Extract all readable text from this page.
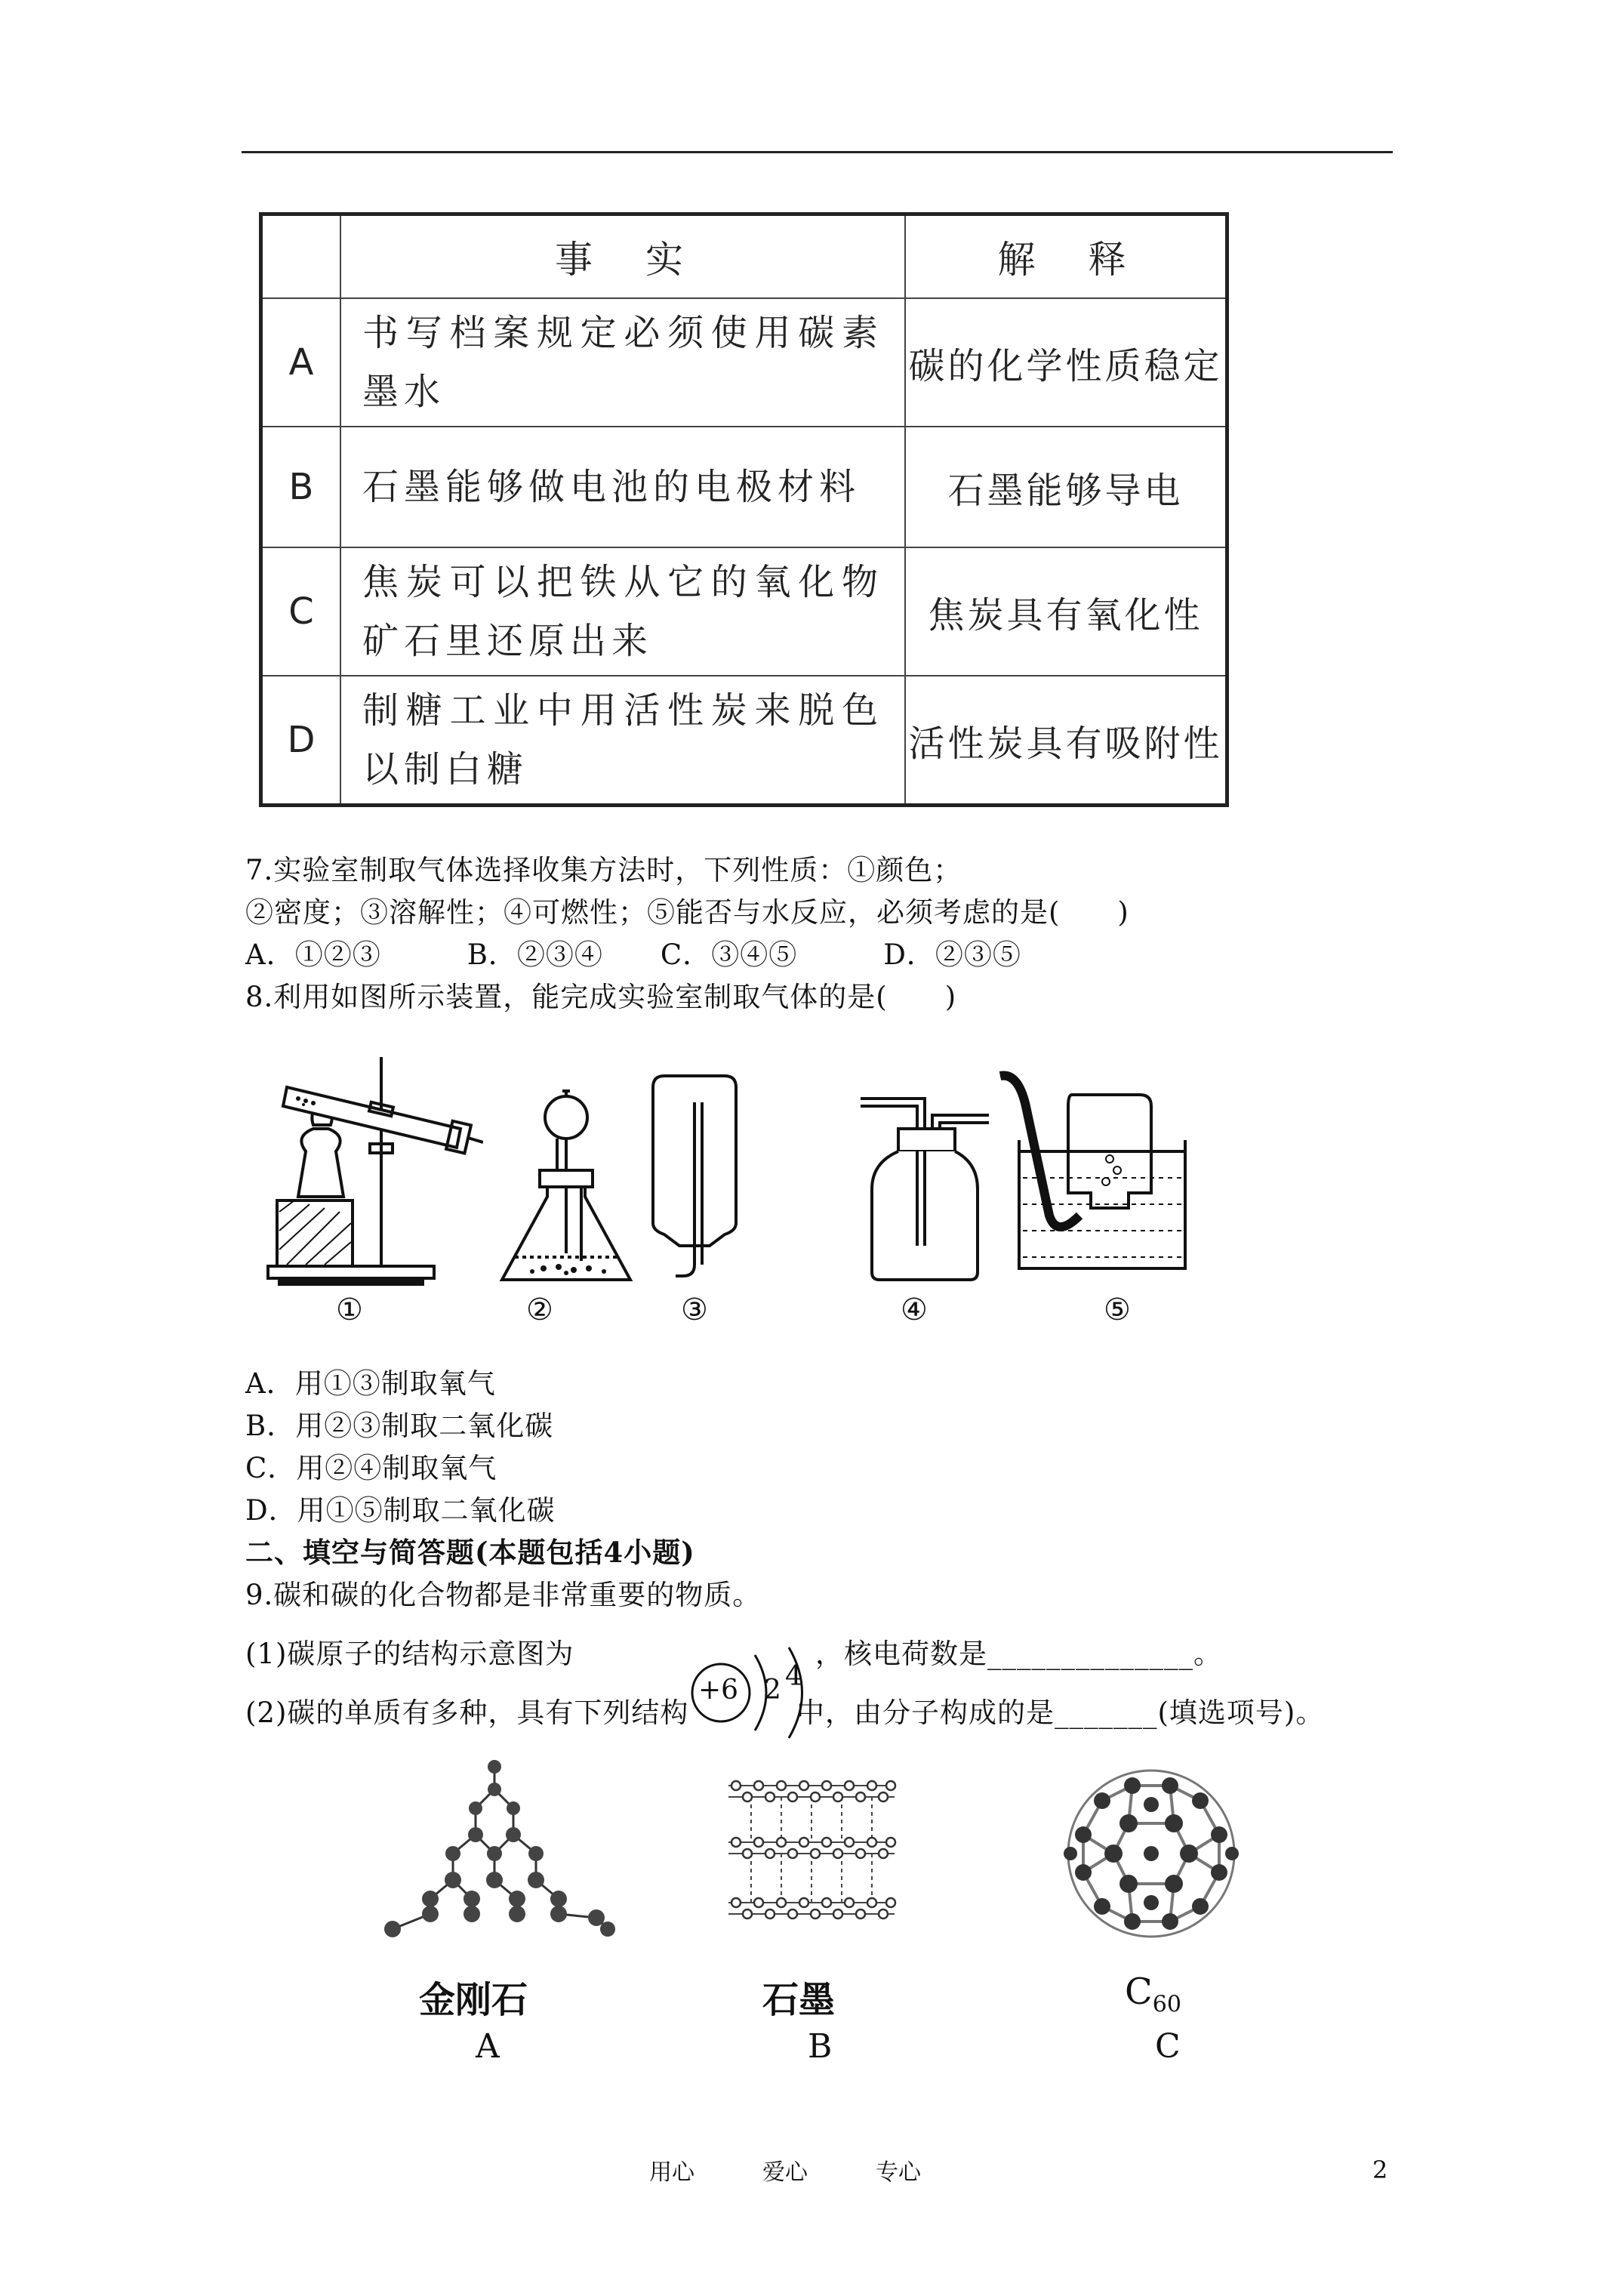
	事　实	解　释
A	书写档案规定必须使用碳素墨水	碳的化学性质稳定
B	石墨能够做电池的电极材料	石墨能够导电
C	焦炭可以把铁从它的氧化物矿石里还原出来	焦炭具有氧化性
D	制糖工业中用活性炭来脱色以制白糖	活性炭具有吸附性
7.实验室制取气体选择收集方法时，下列性质：①颜色；
②密度；③溶解性；④可燃性；⑤能否与水反应，必须考虑的是(　　)
A．①②③　　　B．②③④　　C．③④⑤　　　D．②③⑤
8.利用如图所示装置，能完成实验室制取气体的是(　　)
①	②	③	④	⑤
A．用①③制取氧气
B．用②③制取二氧化碳
C．用②④制取氧气
D．用①⑤制取二氧化碳
二、填空与简答题(本题包括4小题)
9.碳和碳的化合物都是非常重要的物质。
(1)碳原子的结构示意图为	，核电荷数是______________。
(2)碳的单质有多种，具有下列结构	中，由分子构成的是_______(填选项号)。
+6 2 4
金刚石	石墨	$C_{60}$
A	B	C
用心　　　爱心　　　专心	2
